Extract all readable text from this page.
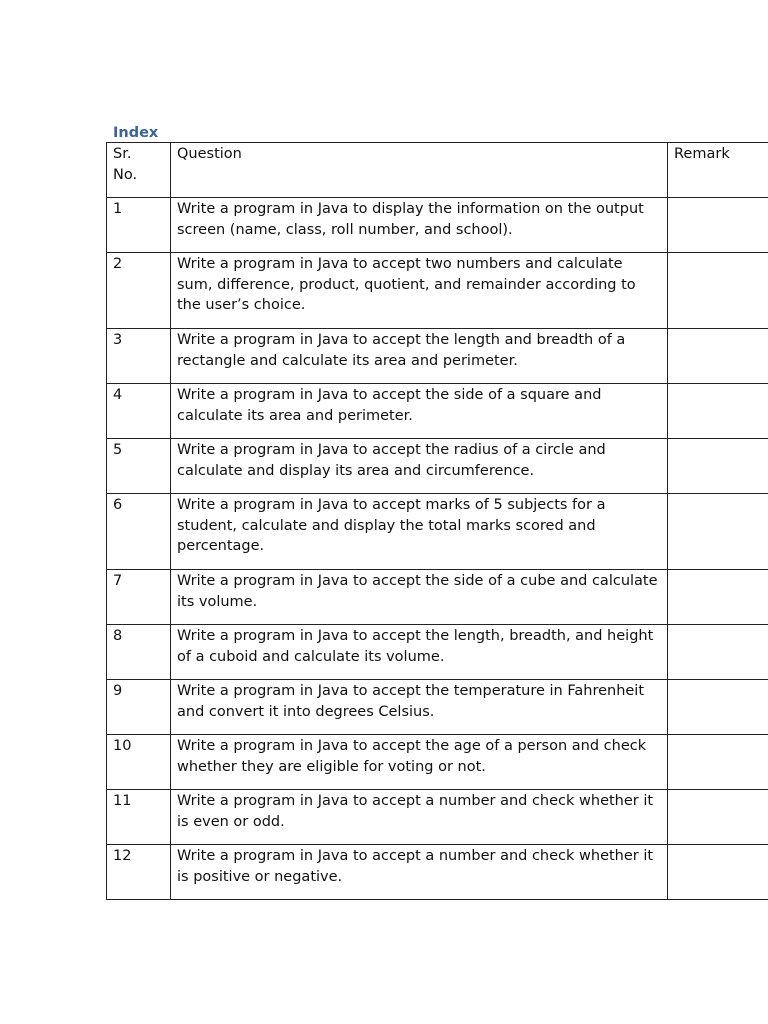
Index
Sr.
No.	Question	Remark
1	Write a program in Java to display the information on the output screen (name, class, roll number, and school).	
2	Write a program in Java to accept two numbers and calculate sum, difference, product, quotient, and remainder according to the user’s choice.	
3	Write a program in Java to accept the length and breadth of a rectangle and calculate its area and perimeter.	
4	Write a program in Java to accept the side of a square and calculate its area and perimeter.	
5	Write a program in Java to accept the radius of a circle and calculate and display its area and circumference.	
6	Write a program in Java to accept marks of 5 subjects for a student, calculate and display the total marks scored and percentage.	
7	Write a program in Java to accept the side of a cube and calculate its volume.	
8	Write a program in Java to accept the length, breadth, and height of a cuboid and calculate its volume.	
9	Write a program in Java to accept the temperature in Fahrenheit and convert it into degrees Celsius.	
10	Write a program in Java to accept the age of a person and check whether they are eligible for voting or not.	
11	Write a program in Java to accept a number and check whether it is even or odd.	
12	Write a program in Java to accept a number and check whether it is positive or negative.	
